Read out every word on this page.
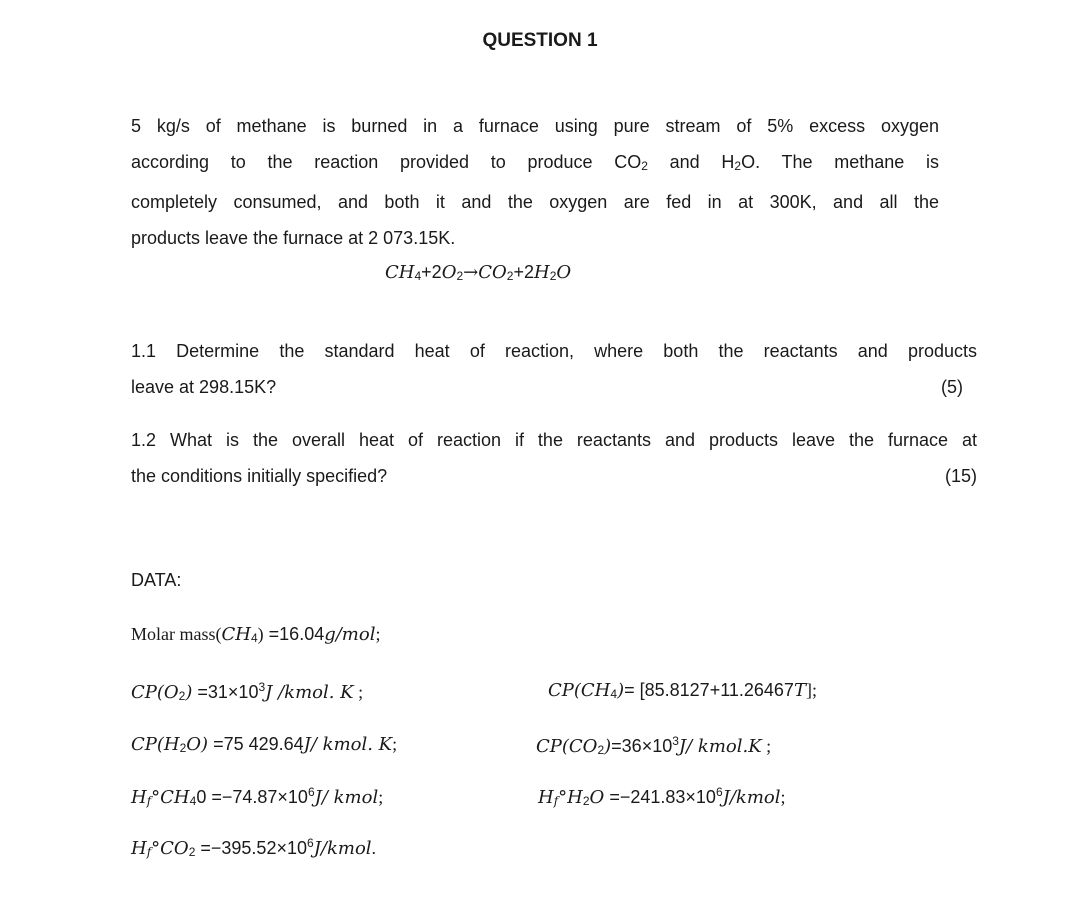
QUESTION 1
5 kg/s of methane is burned in a furnace using pure stream of 5% excess oxygen
according to the reaction provided to produce CO2 and H2O. The methane is
completely consumed, and both it and the oxygen are fed in at 300K, and all the
products leave the furnace at 2 073.15K.
CH4+2O2→CO2+2H2O
1.1 Determine the standard heat of reaction, where both the reactants and products
leave at 298.15K?	(5)
1.2 What is the overall heat of reaction if the reactants and products leave the furnace at
the conditions initially specified?	(15)
DATA:
Molar mass(CH4) =16.04g/mol;
$CP(O2) =31\times 10^3J$ /kmol. K ;	CP(CH4)= [85.8127+11.26467T];
CP(H2O) =75 429.64J/ kmol. K;	$CP(CO2)=36\times 10^3J/$ kmol.K ;
$Hf^\circ CH40 =-74.87\times 10^6J/$ kmol;	$Hf^\circ H2O =-241.83\times 10^6J$/kmol;
$Hf^\circ CO2 =-395.52\times 10^6J$/kmol.
